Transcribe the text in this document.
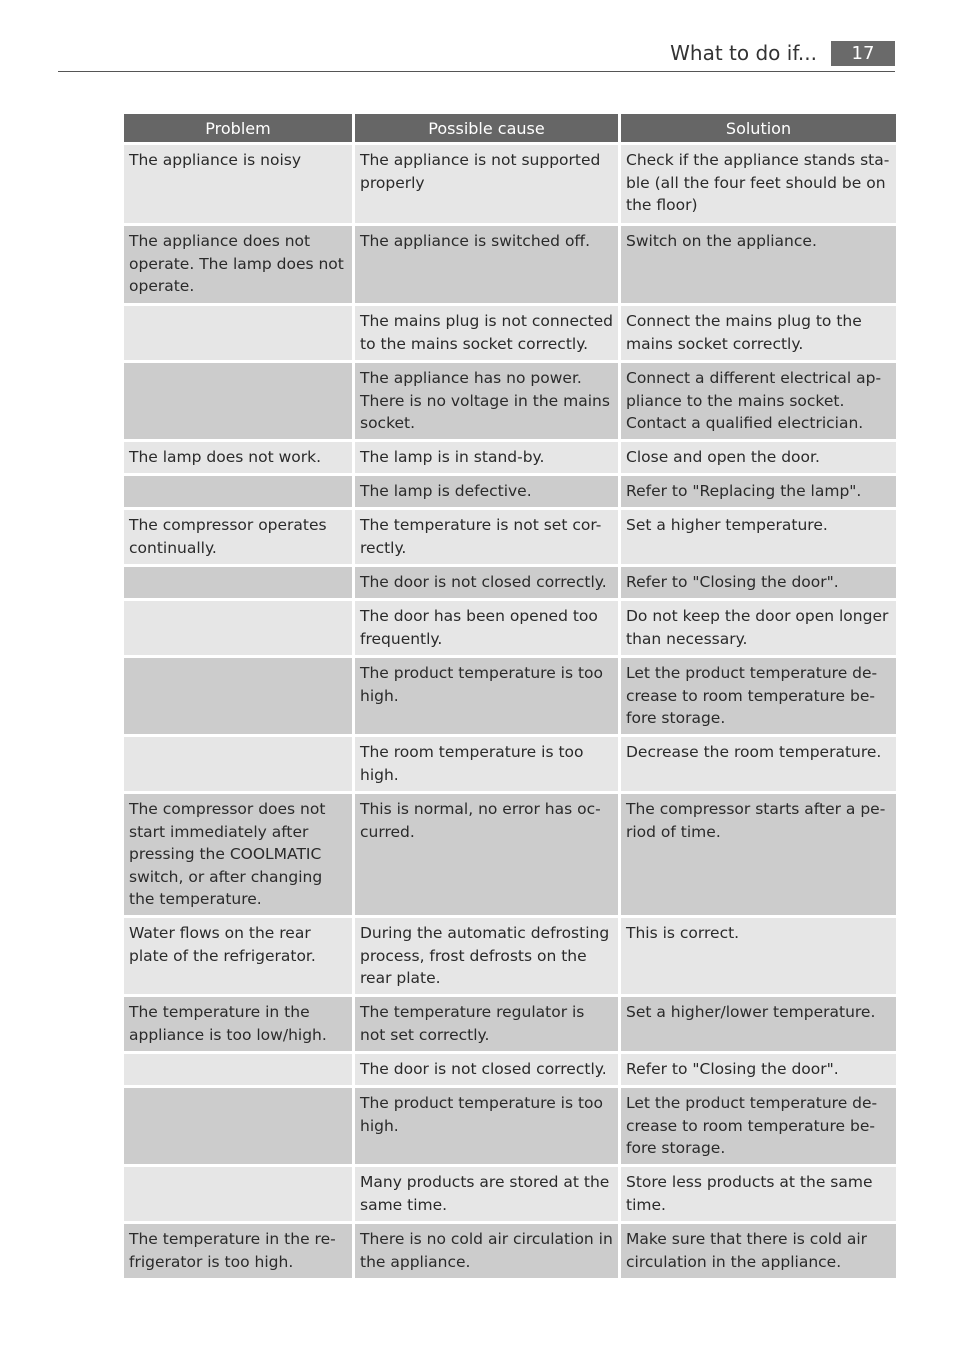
What to do if...	17
Problem	Possible cause	Solution
The appliance is noisy	The appliance is not supported properly	Check if the appliance stands sta-ble (all the four feet should be on the floor)
The appliance does not operate. The lamp does not operate.	The appliance is switched off.	Switch on the appliance.
	The mains plug is not connected to the mains socket correctly.	Connect the mains plug to the mains socket correctly.
	The appliance has no power. There is no voltage in the mains socket.	Connect a different electrical ap-pliance to the mains socket. Contact a qualified electrician.
The lamp does not work.	The lamp is in stand-by.	Close and open the door.
	The lamp is defective.	Refer to "Replacing the lamp".
The compressor operates continually.	The temperature is not set cor-rectly.	Set a higher temperature.
	The door is not closed correctly.	Refer to "Closing the door".
	The door has been opened too frequently.	Do not keep the door open longer than necessary.
	The product temperature is too high.	Let the product temperature de-crease to room temperature be-fore storage.
	The room temperature is too high.	Decrease the room temperature.
The compressor does not start immediately after pressing the COOLMATIC switch, or after changing the temperature.	This is normal, no error has oc-curred.	The compressor starts after a pe-riod of time.
Water flows on the rear plate of the refrigerator.	During the automatic defrosting process, frost defrosts on the rear plate.	This is correct.
The temperature in the appliance is too low/high.	The temperature regulator is not set correctly.	Set a higher/lower temperature.
	The door is not closed correctly.	Refer to "Closing the door".
	The product temperature is too high.	Let the product temperature de-crease to room temperature be-fore storage.
	Many products are stored at the same time.	Store less products at the same time.
The temperature in the re-frigerator is too high.	There is no cold air circulation in the appliance.	Make sure that there is cold air circulation in the appliance.
